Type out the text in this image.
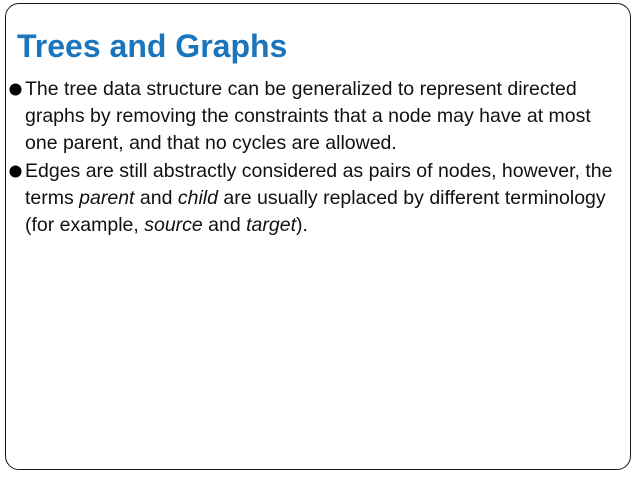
Trees and Graphs
The tree data structure can be generalized to represent directed graphs by removing the constraints that a node may have at most one parent, and that no cycles are allowed.
Edges are still abstractly considered as pairs of nodes, however, the terms parent and child are usually replaced by different terminology (for example, source and target).
